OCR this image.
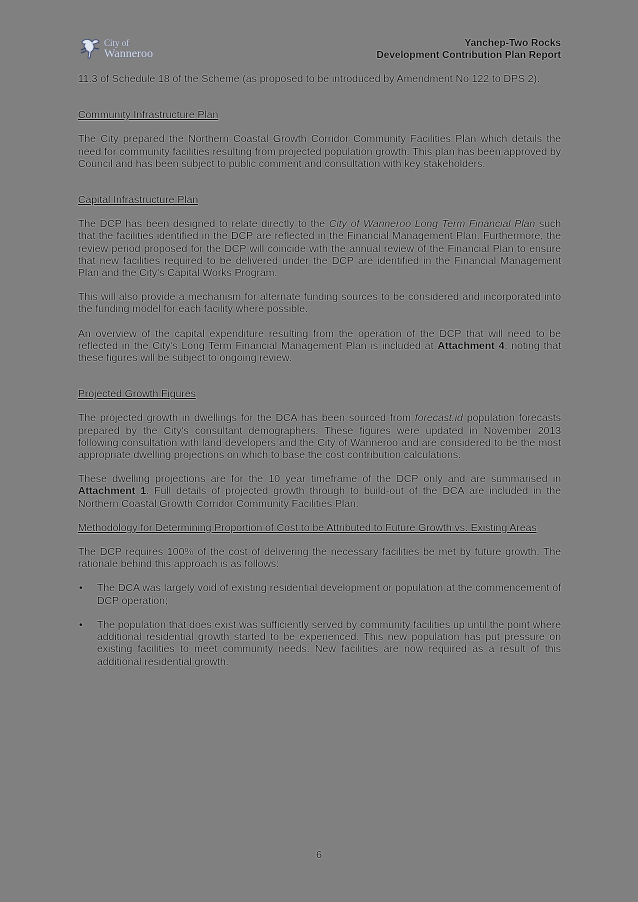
City of
Wanneroo
Yanchep-Two Rocks
Development Contribution Plan Report

11.3 of Schedule 18 of the Scheme (as proposed to be introduced by Amendment No 122 to DPS 2).

Community Infrastructure Plan

The City prepared the Northern Coastal Growth Corridor Community Facilities Plan which details the need for community facilities resulting from projected population growth. This plan has been approved by Council and has been subject to public comment and consultation with key stakeholders.

Capital Infrastructure Plan

The DCP has been designed to relate directly to the City of Wanneroo Long Term Financial Plan such that the facilities identified in the DCP are reflected in the Financial Management Plan. Furthermore, the review period proposed for the DCP will coincide with the annual review of the Financial Plan to ensure that new facilities required to be delivered under the DCP are identified in the Financial Management Plan and the City's Capital Works Program.

This will also provide a mechanism for alternate funding sources to be considered and incorporated into the funding model for each facility where possible.

An overview of the capital expenditure resulting from the operation of the DCP that will need to be reflected in the City's Long Term Financial Management Plan is included at Attachment 4, noting that these figures will be subject to ongoing review.

Projected Growth Figures

The projected growth in dwellings for the DCA has been sourced from forecast.id population forecasts prepared by the City's consultant demographers. These figures were updated in November 2013 following consultation with land developers and the City of Wanneroo and are considered to be the most appropriate dwelling projections on which to base the cost contribution calculations.

These dwelling projections are for the 10 year timeframe of the DCP only and are summarised in Attachment 1. Full details of projected growth through to build-out of the DCA are included in the Northern Coastal Growth Corridor Community Facilities Plan.

Methodology for Determining Proportion of Cost to be Attributed to Future Growth vs. Existing Areas

The DCP requires 100% of the cost of delivering the necessary facilities be met by future growth. The rationale behind this approach is as follows:

• The DCA was largely void of existing residential development or population at the commencement of DCP operation;
• The population that does exist was sufficiently served by community facilities up until the point where additional residential growth started to be experienced. This new population has put pressure on existing facilities to meet community needs. New facilities are now required as a result of this additional residential growth.
6
